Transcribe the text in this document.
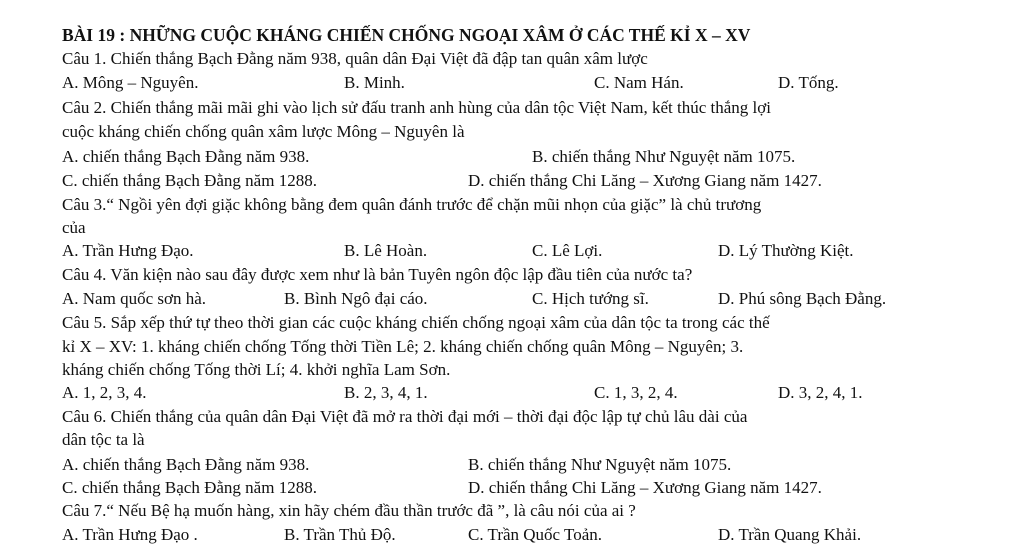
BÀI 19 : NHỮNG CUỘC KHÁNG CHIẾN CHỐNG NGOẠI XÂM Ở CÁC THẾ KỈ X – XV
Câu 1. Chiến thắng Bạch Đằng năm 938, quân dân Đại Việt đã đập tan quân xâm lược
A. Mông – Nguyên.	B. Minh.	C. Nam Hán.	D. Tống.
Câu 2. Chiến thắng mãi mãi ghi vào lịch sử đấu tranh anh hùng của dân tộc Việt Nam, kết thúc thắng lợi
cuộc kháng chiến chống quân xâm lược Mông – Nguyên là
A. chiến thắng Bạch Đằng năm 938.	B. chiến thắng Như Nguyệt năm 1075.
C. chiến thắng Bạch Đằng năm 1288.	D. chiến thắng Chi Lăng – Xương Giang năm 1427.
Câu 3.“ Ngồi yên đợi giặc không bằng đem quân đánh trước để chặn mũi nhọn của giặc” là chủ trương
của
A. Trần Hưng Đạo.	B. Lê Hoàn.	C. Lê Lợi.	D. Lý Thường Kiệt.
Câu 4. Văn kiện nào sau đây được xem như là bản Tuyên ngôn độc lập đầu tiên của nước ta?
A. Nam quốc sơn hà.	B. Bình Ngô đại cáo.	C. Hịch tướng sĩ.	D. Phú sông Bạch Đằng.
Câu 5. Sắp xếp thứ tự theo thời gian các cuộc kháng chiến chống ngoại xâm của dân tộc ta trong các thế
kỉ X – XV: 1. kháng chiến chống Tống thời Tiền Lê; 2. kháng chiến chống quân Mông – Nguyên; 3.
kháng chiến chống Tống thời Lí; 4. khởi nghĩa Lam Sơn.
A. 1, 2, 3, 4.	B. 2, 3, 4, 1.	C. 1, 3, 2, 4.	D. 3, 2, 4, 1.
Câu 6. Chiến thắng của quân dân Đại Việt đã mở ra thời đại mới – thời đại độc lập tự chủ lâu dài của
dân tộc ta là
A. chiến thắng Bạch Đằng năm 938.	B. chiến thắng Như Nguyệt năm 1075.
C. chiến thắng Bạch Đằng năm 1288.	D. chiến thắng Chi Lăng – Xương Giang năm 1427.
Câu 7.“ Nếu Bệ hạ muốn hàng, xin hãy chém đầu thần trước đã ”, là câu nói của ai ?
A. Trần Hưng Đạo .	B. Trần Thủ Độ.	C. Trần Quốc Toản.	D. Trần Quang Khải.
